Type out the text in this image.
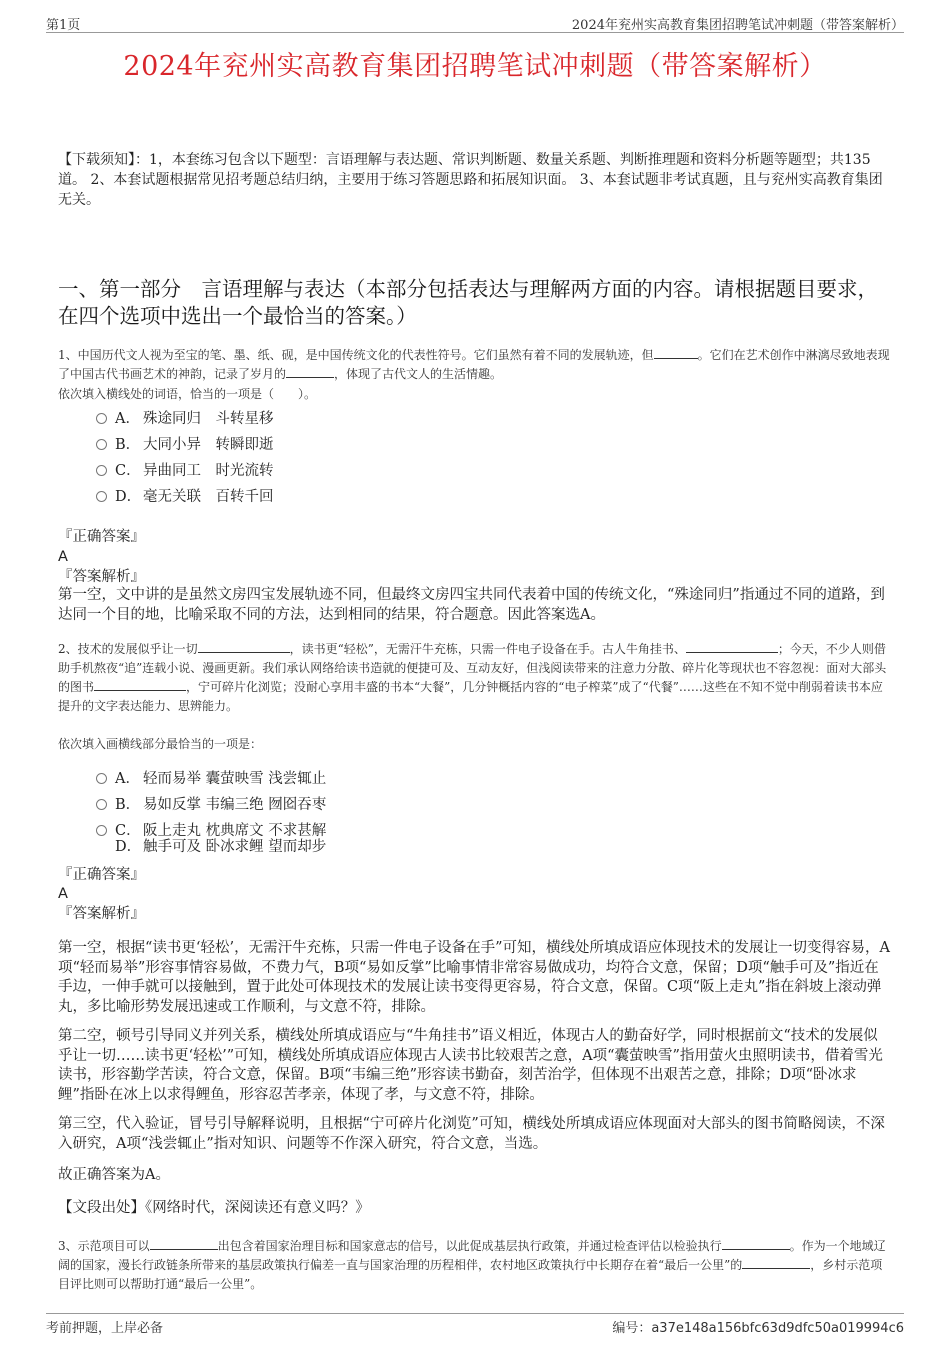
第1页	2024年兖州实高教育集团招聘笔试冲刺题（带答案解析）
2024年兖州实高教育集团招聘笔试冲刺题（带答案解析）
【下载须知】：1，本套练习包含以下题型：言语理解与表达题、常识判断题、数量关系题、判断推理题和资料分析题等题型；共135道。 2、本套试题根据常见招考题总结归纳，主要用于练习答题思路和拓展知识面。 3、本套试题非考试真题，且与兖州实高教育集团无关。
一、第一部分　言语理解与表达（本部分包括表达与理解两方面的内容。请根据题目要求，在四个选项中选出一个最恰当的答案。）
1、中国历代文人视为至宝的笔、墨、纸、砚，是中国传统文化的代表性符号。它们虽然有着不同的发展轨迹，但	。它们在艺术创作中淋漓尽致地表现了中国古代书画艺术的神韵，记录了岁月的	，体现了古代文人的生活情趣。
依次填入横线处的词语，恰当的一项是（　　）。
A． 殊途同归　斗转星移
B． 大同小异　转瞬即逝
C． 异曲同工　时光流转
D． 毫无关联　百转千回
『正确答案』
A
『答案解析』
第一空，文中讲的是虽然文房四宝发展轨迹不同，但最终文房四宝共同代表着中国的传统文化，“殊途同归”指通过不同的道路，到达同一个目的地，比喻采取不同的方法，达到相同的结果，符合题意。因此答案选A。
2、技术的发展似乎让一切	，读书更“轻松”，无需汗牛充栋，只需一件电子设备在手。古人牛角挂书、	；今天，不少人则借助手机熬夜“追”连载小说、漫画更新。我们承认网络给读书造就的便捷可及、互动友好，但浅阅读带来的注意力分散、碎片化等现状也不容忽视：面对大部头的图书	，宁可碎片化浏览；没耐心享用丰盛的书本“大餐”，几分钟概括内容的“电子榨菜”成了“代餐”……这些在不知不觉中削弱着读书本应提升的文字表达能力、思辨能力。
依次填入画横线部分最恰当的一项是：
A． 轻而易举 囊萤映雪 浅尝辄止
B． 易如反掌 韦编三绝 囫囵吞枣
C． 阪上走丸 枕典席文 不求甚解
D． 触手可及 卧冰求鲤 望而却步
『正确答案』
A
『答案解析』
第一空，根据“读书更‘轻松’，无需汗牛充栋，只需一件电子设备在手”可知，横线处所填成语应体现技术的发展让一切变得容易，A项“轻而易举”形容事情容易做，不费力气，B项“易如反掌”比喻事情非常容易做成功，均符合文意，保留；D项“触手可及”指近在手边，一伸手就可以接触到，置于此处可体现技术的发展让读书变得更容易，符合文意，保留。C项“阪上走丸”指在斜坡上滚动弹丸，多比喻形势发展迅速或工作顺利，与文意不符，排除。
第二空，顿号引导同义并列关系，横线处所填成语应与“牛角挂书”语义相近，体现古人的勤奋好学，同时根据前文“技术的发展似乎让一切……读书更‘轻松’”可知，横线处所填成语应体现古人读书比较艰苦之意，A项“囊萤映雪”指用萤火虫照明读书，借着雪光读书，形容勤学苦读，符合文意，保留。B项“韦编三绝”形容读书勤奋，刻苦治学，但体现不出艰苦之意，排除；D项“卧冰求鲤”指卧在冰上以求得鲤鱼，形容忍苦孝亲，体现了孝，与文意不符，排除。
第三空，代入验证，冒号引导解释说明，且根据“宁可碎片化浏览”可知，横线处所填成语应体现面对大部头的图书简略阅读，不深入研究，A项“浅尝辄止”指对知识、问题等不作深入研究，符合文意，当选。
故正确答案为A。
【文段出处】《网络时代，深阅读还有意义吗？》
3、示范项目可以	出包含着国家治理目标和国家意志的信号，以此促成基层执行政策，并通过检查评估以检验执行	。作为一个地域辽阔的国家，漫长行政链条所带来的基层政策执行偏差一直与国家治理的历程相伴，农村地区政策执行中长期存在着“最后一公里”的	，乡村示范项目评比则可以帮助打通“最后一公里”。
考前押题，上岸必备	编号：a37e148a156bfc63d9dfc50a019994c6
